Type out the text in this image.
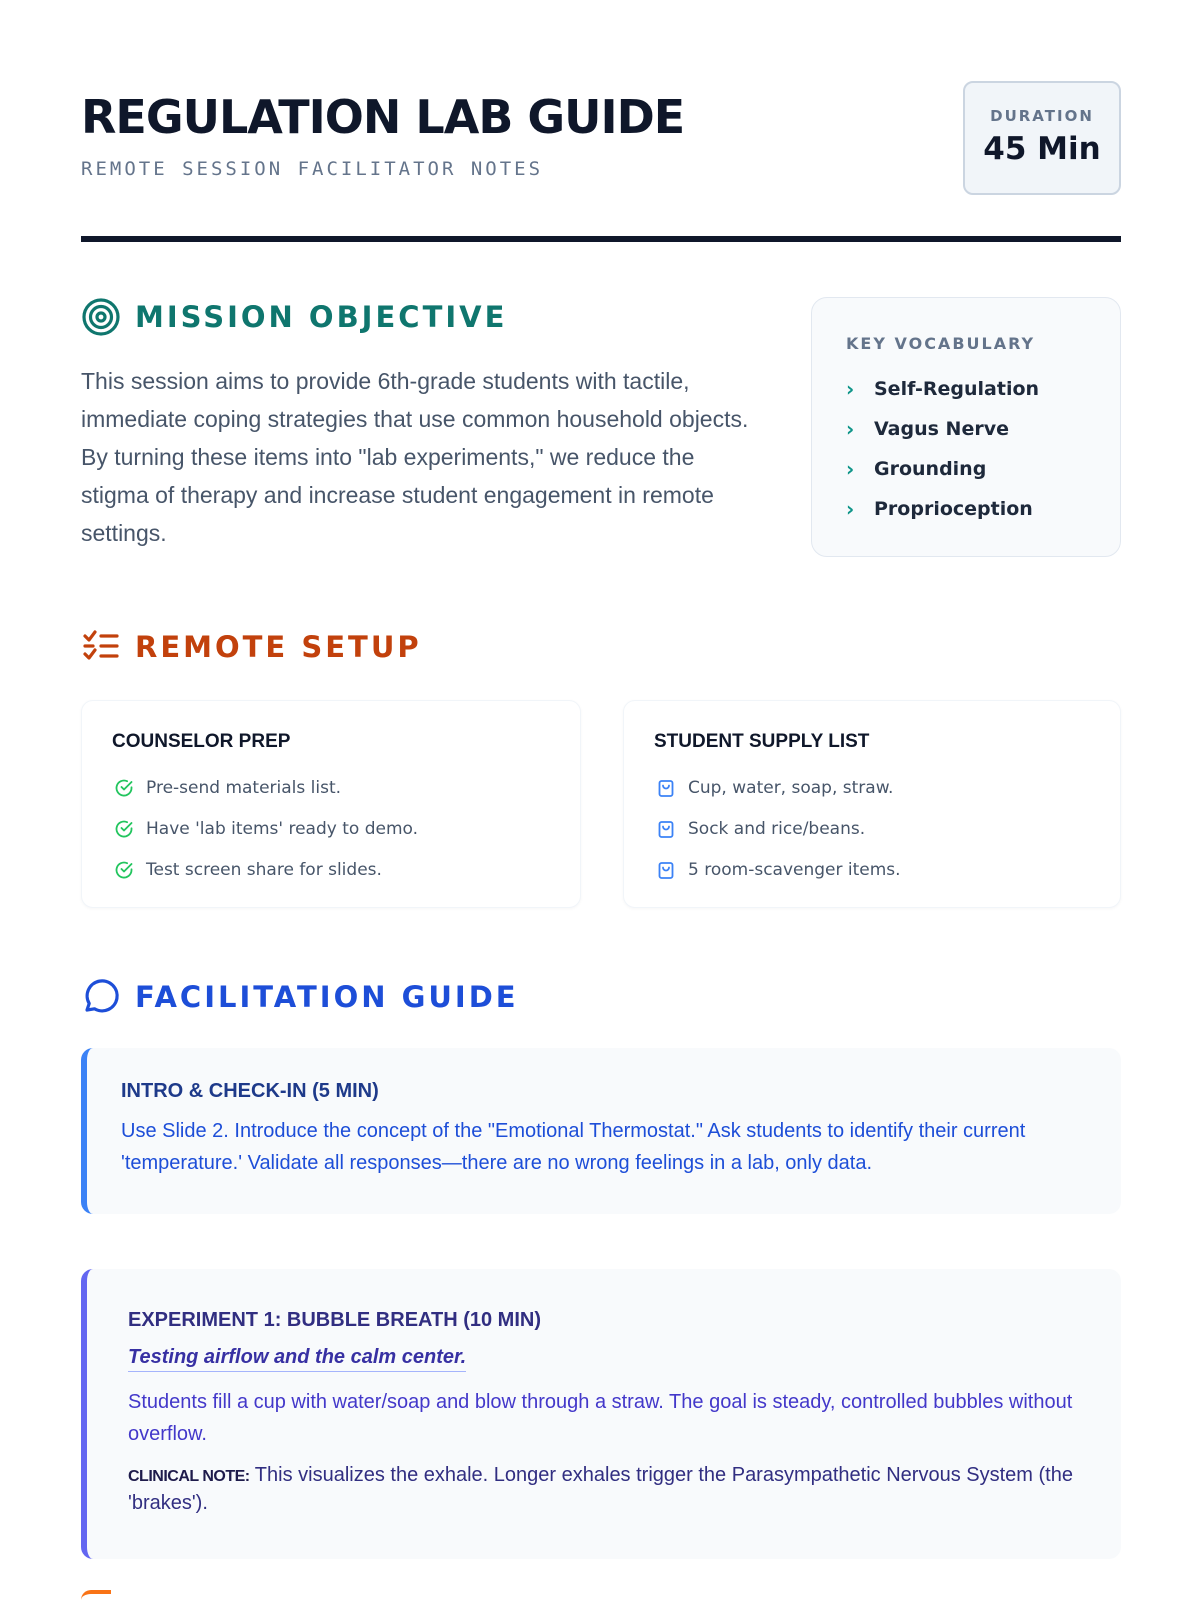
REGULATION LAB GUIDE
REMOTE SESSION FACILITATOR NOTES
DURATION
45 Min
MISSION OBJECTIVE
This session aims to provide 6th-grade students with tactile, immediate coping strategies that use common household objects. By turning these items into "lab experiments," we reduce the stigma of therapy and increase student engagement in remote settings.
KEY VOCABULARY
›	Self-Regulation
›	Vagus Nerve
›	Grounding
›	Proprioception
REMOTE SETUP
COUNSELOR PREP
Pre-send materials list.
Have 'lab items' ready to demo.
Test screen share for slides.
STUDENT SUPPLY LIST
Cup, water, soap, straw.
Sock and rice/beans.
5 room-scavenger items.
FACILITATION GUIDE
INTRO & CHECK-IN (5 MIN)
Use Slide 2. Introduce the concept of the "Emotional Thermostat." Ask students to identify their current 'temperature.' Validate all responses—there are no wrong feelings in a lab, only data.
EXPERIMENT 1: BUBBLE BREATH (10 MIN)
Testing airflow and the calm center.
Students fill a cup with water/soap and blow through a straw. The goal is steady, controlled bubbles without overflow.
CLINICAL NOTE: This visualizes the exhale. Longer exhales trigger the Parasympathetic Nervous System (the 'brakes').
